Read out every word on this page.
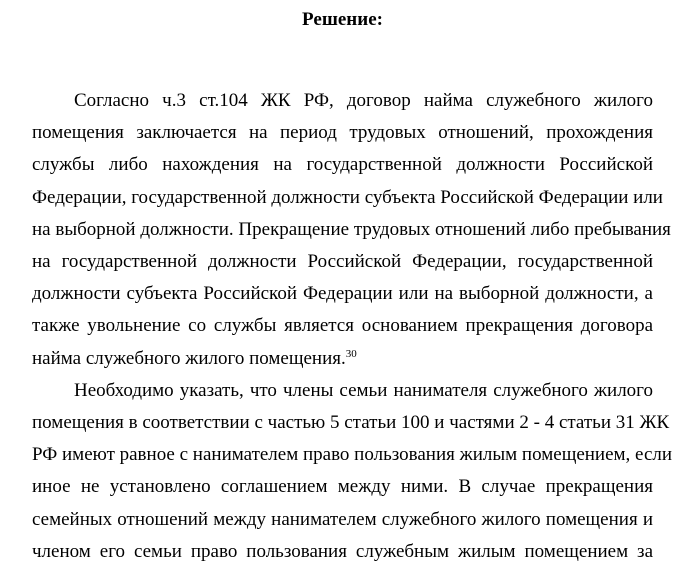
Решение:
Согласно ч.3 ст.104 ЖК РФ, договор найма служебного жилого
помещения заключается на период трудовых отношений, прохождения
службы либо нахождения на государственной должности Российской
Федерации, государственной должности субъекта Российской Федерации или
на выборной должности. Прекращение трудовых отношений либо пребывания
на государственной должности Российской Федерации, государственной
должности субъекта Российской Федерации или на выборной должности, а
также увольнение со службы является основанием прекращения договора
найма служебного жилого помещения.$^{30}$
Необходимо указать, что члены семьи нанимателя служебного жилого
помещения в соответствии с частью 5 статьи 100 и частями 2 - 4 статьи 31 ЖК
РФ имеют равное с нанимателем право пользования жилым помещением, если
иное не установлено соглашением между ними. В случае прекращения
семейных отношений между нанимателем служебного жилого помещения и
членом его семьи право пользования служебным жилым помещением за
